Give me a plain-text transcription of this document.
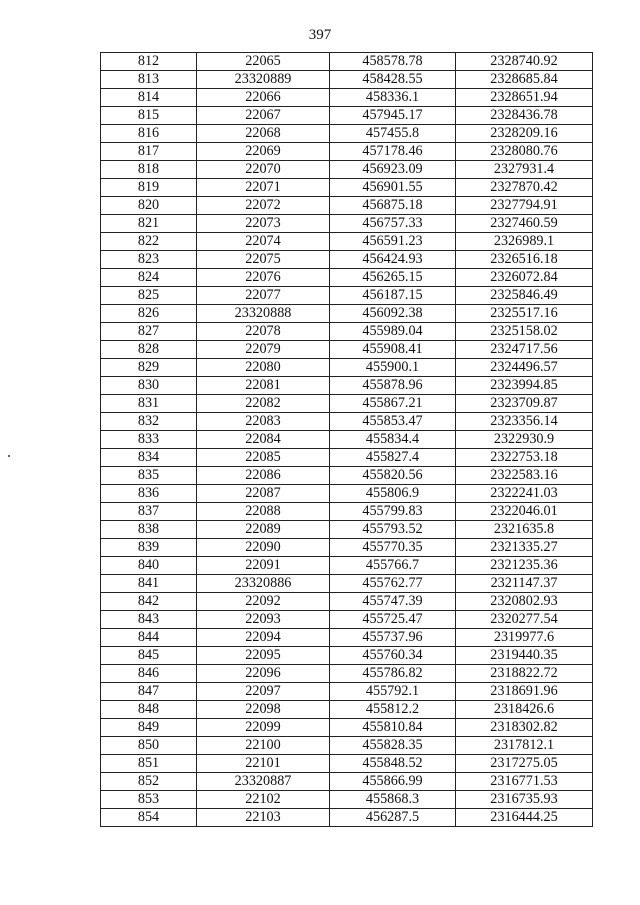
397
812	22065	458578.78	2328740.92
813	23320889	458428.55	2328685.84
814	22066	458336.1	2328651.94
815	22067	457945.17	2328436.78
816	22068	457455.8	2328209.16
817	22069	457178.46	2328080.76
818	22070	456923.09	2327931.4
819	22071	456901.55	2327870.42
820	22072	456875.18	2327794.91
821	22073	456757.33	2327460.59
822	22074	456591.23	2326989.1
823	22075	456424.93	2326516.18
824	22076	456265.15	2326072.84
825	22077	456187.15	2325846.49
826	23320888	456092.38	2325517.16
827	22078	455989.04	2325158.02
828	22079	455908.41	2324717.56
829	22080	455900.1	2324496.57
830	22081	455878.96	2323994.85
831	22082	455867.21	2323709.87
832	22083	455853.47	2323356.14
833	22084	455834.4	2322930.9
834	22085	455827.4	2322753.18
835	22086	455820.56	2322583.16
836	22087	455806.9	2322241.03
837	22088	455799.83	2322046.01
838	22089	455793.52	2321635.8
839	22090	455770.35	2321335.27
840	22091	455766.7	2321235.36
841	23320886	455762.77	2321147.37
842	22092	455747.39	2320802.93
843	22093	455725.47	2320277.54
844	22094	455737.96	2319977.6
845	22095	455760.34	2319440.35
846	22096	455786.82	2318822.72
847	22097	455792.1	2318691.96
848	22098	455812.2	2318426.6
849	22099	455810.84	2318302.82
850	22100	455828.35	2317812.1
851	22101	455848.52	2317275.05
852	23320887	455866.99	2316771.53
853	22102	455868.3	2316735.93
854	22103	456287.5	2316444.25
